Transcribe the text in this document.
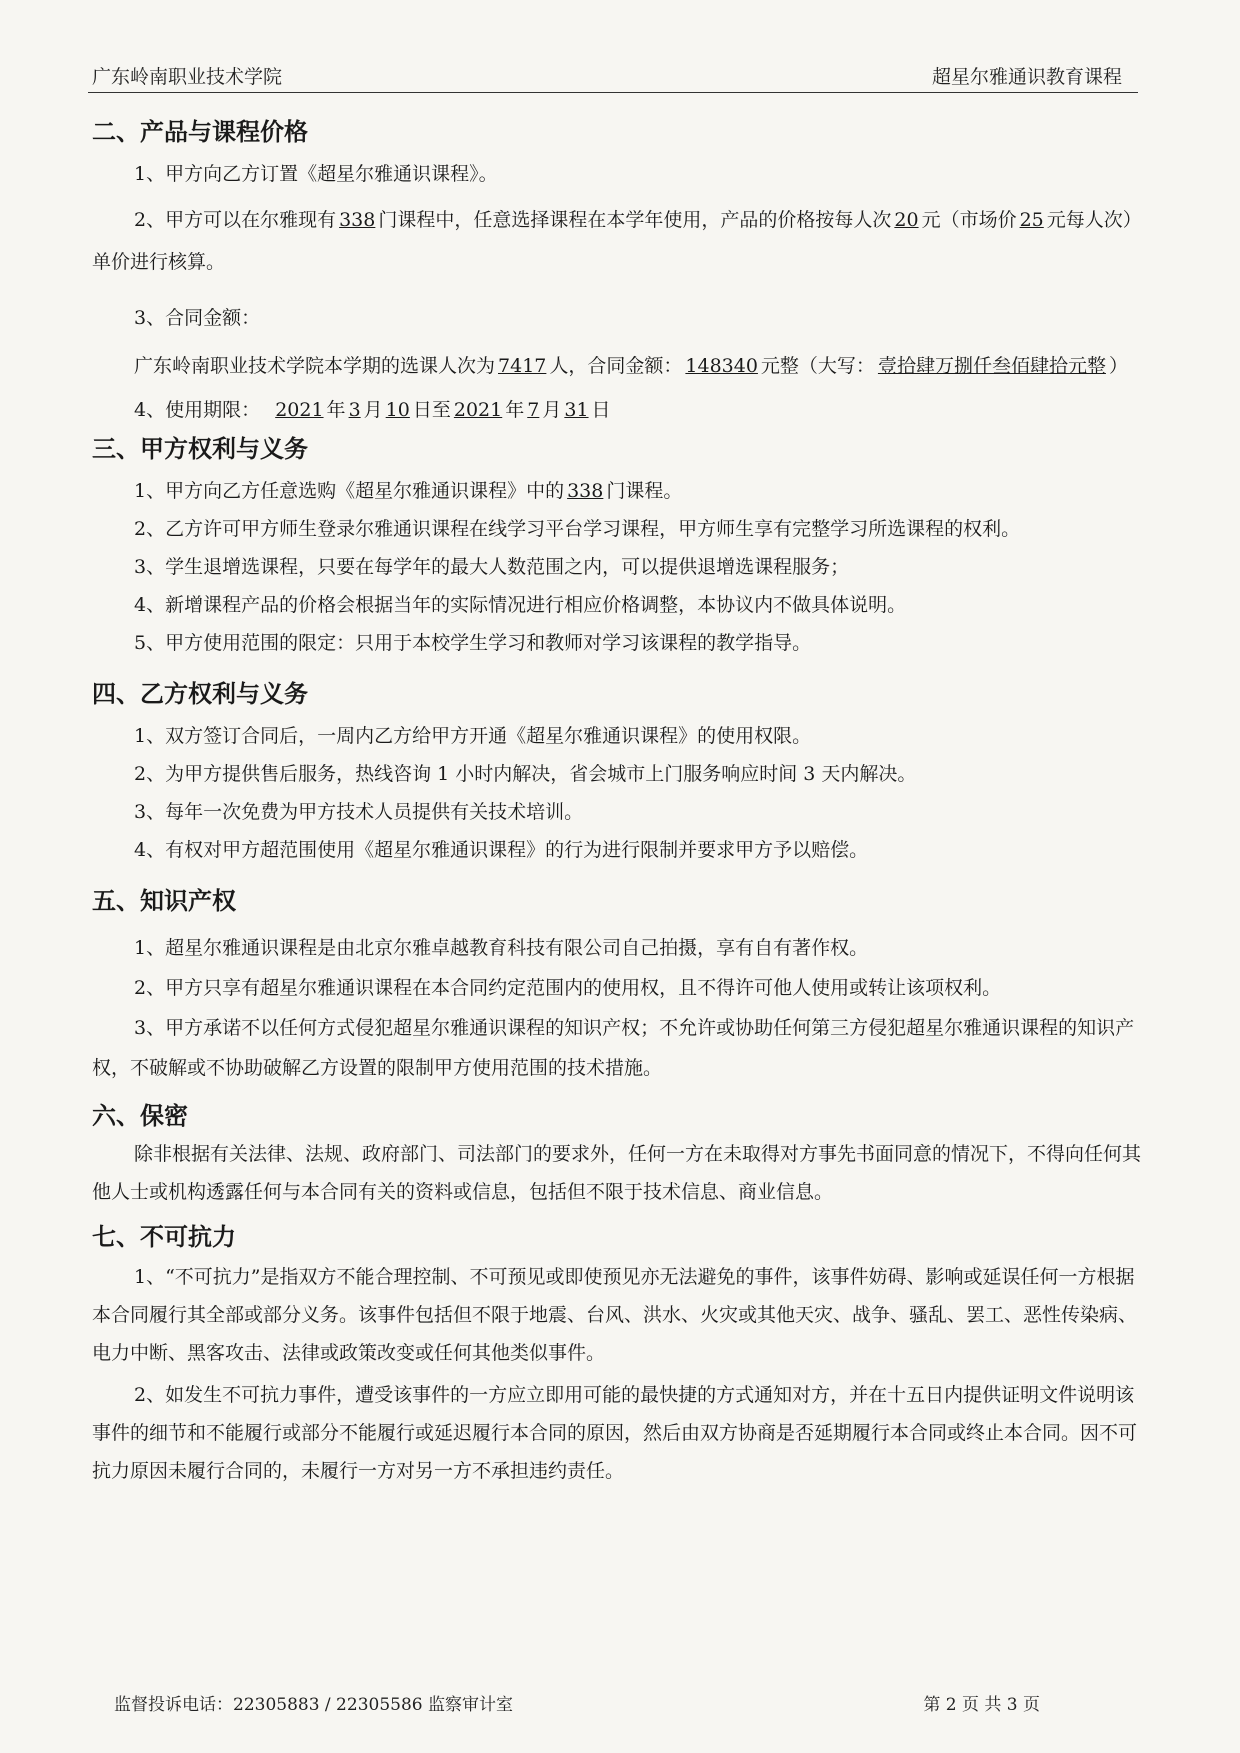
广东岭南职业技术学院	超星尔雅通识教育课程
二、产品与课程价格
1、甲方向乙方订置《超星尔雅通识课程》。
2、甲方可以在尔雅现有 338 门课程中，任意选择课程在本学年使用，产品的价格按每人次 20 元（市场价 25 元每人次）单价进行核算。
3、合同金额：
广东岭南职业技术学院本学期的选课人次为 7417 人，合同金额： 148340 元整（大写： 壹拾肆万捌仟叁佰肆拾元整 ）
4、使用期限： 2021 年 3 月 10 日至 2021 年 7 月 31 日
三、甲方权利与义务
1、甲方向乙方任意选购《超星尔雅通识课程》中的 338 门课程。
2、乙方许可甲方师生登录尔雅通识课程在线学习平台学习课程，甲方师生享有完整学习所选课程的权利。
3、学生退增选课程，只要在每学年的最大人数范围之内，可以提供退增选课程服务；
4、新增课程产品的价格会根据当年的实际情况进行相应价格调整，本协议内不做具体说明。
5、甲方使用范围的限定：只用于本校学生学习和教师对学习该课程的教学指导。
四、乙方权利与义务
1、双方签订合同后，一周内乙方给甲方开通《超星尔雅通识课程》的使用权限。
2、为甲方提供售后服务，热线咨询 1 小时内解决，省会城市上门服务响应时间 3 天内解决。
3、每年一次免费为甲方技术人员提供有关技术培训。
4、有权对甲方超范围使用《超星尔雅通识课程》的行为进行限制并要求甲方予以赔偿。
五、知识产权
1、超星尔雅通识课程是由北京尔雅卓越教育科技有限公司自己拍摄，享有自有著作权。
2、甲方只享有超星尔雅通识课程在本合同约定范围内的使用权，且不得许可他人使用或转让该项权利。
3、甲方承诺不以任何方式侵犯超星尔雅通识课程的知识产权；不允许或协助任何第三方侵犯超星尔雅通识课程的知识产权，不破解或不协助破解乙方设置的限制甲方使用范围的技术措施。
六、保密
除非根据有关法律、法规、政府部门、司法部门的要求外，任何一方在未取得对方事先书面同意的情况下，不得向任何其他人士或机构透露任何与本合同有关的资料或信息，包括但不限于技术信息、商业信息。
七、不可抗力
1、“不可抗力”是指双方不能合理控制、不可预见或即使预见亦无法避免的事件，该事件妨碍、影响或延误任何一方根据本合同履行其全部或部分义务。该事件包括但不限于地震、台风、洪水、火灾或其他天灾、战争、骚乱、罢工、恶性传染病、电力中断、黑客攻击、法律或政策改变或任何其他类似事件。
2、如发生不可抗力事件，遭受该事件的一方应立即用可能的最快捷的方式通知对方，并在十五日内提供证明文件说明该事件的细节和不能履行或部分不能履行或延迟履行本合同的原因，然后由双方协商是否延期履行本合同或终止本合同。因不可抗力原因未履行合同的，未履行一方对另一方不承担违约责任。
监督投诉电话：22305883 / 22305586 监察审计室	第 2 页 共 3 页
